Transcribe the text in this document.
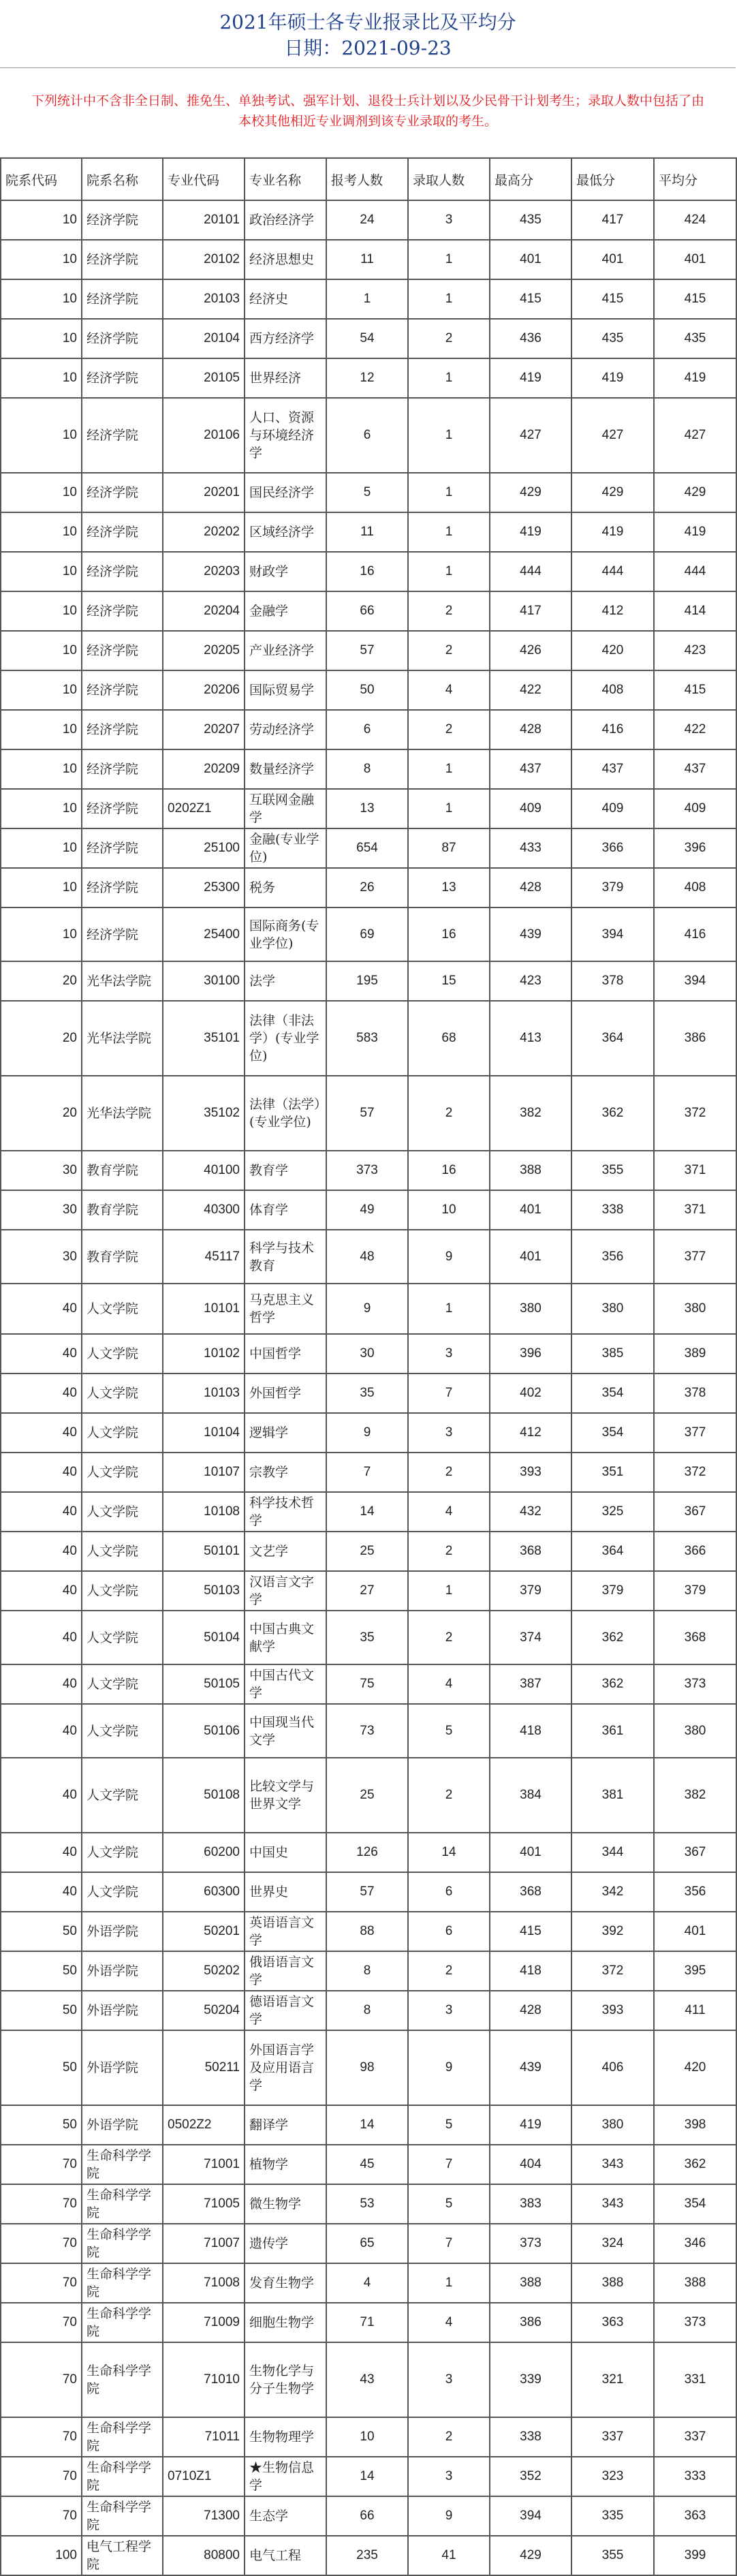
2021年硕士各专业报录比及平均分
日期：2021-09-23
下列统计中不含非全日制、推免生、单独考试、强军计划、退役士兵计划以及少民骨干计划考生；录取人数中包括了由本校其他相近专业调剂到该专业录取的考生。
院系代码	院系名称	专业代码	专业名称	报考人数	录取人数	最高分	最低分	平均分
10	经济学院	20101	政治经济学	24	3	435	417	424
10	经济学院	20102	经济思想史	11	1	401	401	401
10	经济学院	20103	经济史	1	1	415	415	415
10	经济学院	20104	西方经济学	54	2	436	435	435
10	经济学院	20105	世界经济	12	1	419	419	419
10	经济学院	20106	人口、资源与环境经济学	6	1	427	427	427
10	经济学院	20201	国民经济学	5	1	429	429	429
10	经济学院	20202	区域经济学	11	1	419	419	419
10	经济学院	20203	财政学	16	1	444	444	444
10	经济学院	20204	金融学	66	2	417	412	414
10	经济学院	20205	产业经济学	57	2	426	420	423
10	经济学院	20206	国际贸易学	50	4	422	408	415
10	经济学院	20207	劳动经济学	6	2	428	416	422
10	经济学院	20209	数量经济学	8	1	437	437	437
10	经济学院	0202Z1	互联网金融学	13	1	409	409	409
10	经济学院	25100	金融(专业学位)	654	87	433	366	396
10	经济学院	25300	税务	26	13	428	379	408
10	经济学院	25400	国际商务(专业学位)	69	16	439	394	416
20	光华法学院	30100	法学	195	15	423	378	394
20	光华法学院	35101	法律（非法学）(专业学位)	583	68	413	364	386
20	光华法学院	35102	法律（法学）(专业学位)	57	2	382	362	372
30	教育学院	40100	教育学	373	16	388	355	371
30	教育学院	40300	体育学	49	10	401	338	371
30	教育学院	45117	科学与技术教育	48	9	401	356	377
40	人文学院	10101	马克思主义哲学	9	1	380	380	380
40	人文学院	10102	中国哲学	30	3	396	385	389
40	人文学院	10103	外国哲学	35	7	402	354	378
40	人文学院	10104	逻辑学	9	3	412	354	377
40	人文学院	10107	宗教学	7	2	393	351	372
40	人文学院	10108	科学技术哲学	14	4	432	325	367
40	人文学院	50101	文艺学	25	2	368	364	366
40	人文学院	50103	汉语言文字学	27	1	379	379	379
40	人文学院	50104	中国古典文献学	35	2	374	362	368
40	人文学院	50105	中国古代文学	75	4	387	362	373
40	人文学院	50106	中国现当代文学	73	5	418	361	380
40	人文学院	50108	比较文学与世界文学	25	2	384	381	382
40	人文学院	60200	中国史	126	14	401	344	367
40	人文学院	60300	世界史	57	6	368	342	356
50	外语学院	50201	英语语言文学	88	6	415	392	401
50	外语学院	50202	俄语语言文学	8	2	418	372	395
50	外语学院	50204	德语语言文学	8	3	428	393	411
50	外语学院	50211	外国语言学及应用语言学	98	9	439	406	420
50	外语学院	0502Z2	翻译学	14	5	419	380	398
70	生命科学学院	71001	植物学	45	7	404	343	362
70	生命科学学院	71005	微生物学	53	5	383	343	354
70	生命科学学院	71007	遗传学	65	7	373	324	346
70	生命科学学院	71008	发育生物学	4	1	388	388	388
70	生命科学学院	71009	细胞生物学	71	4	386	363	373
70	生命科学学院	71010	生物化学与分子生物学	43	3	339	321	331
70	生命科学学院	71011	生物物理学	10	2	338	337	337
70	生命科学学院	0710Z1	★生物信息学	14	3	352	323	333
70	生命科学学院	71300	生态学	66	9	394	335	363
100	电气工程学院	80800	电气工程	235	41	429	355	399
